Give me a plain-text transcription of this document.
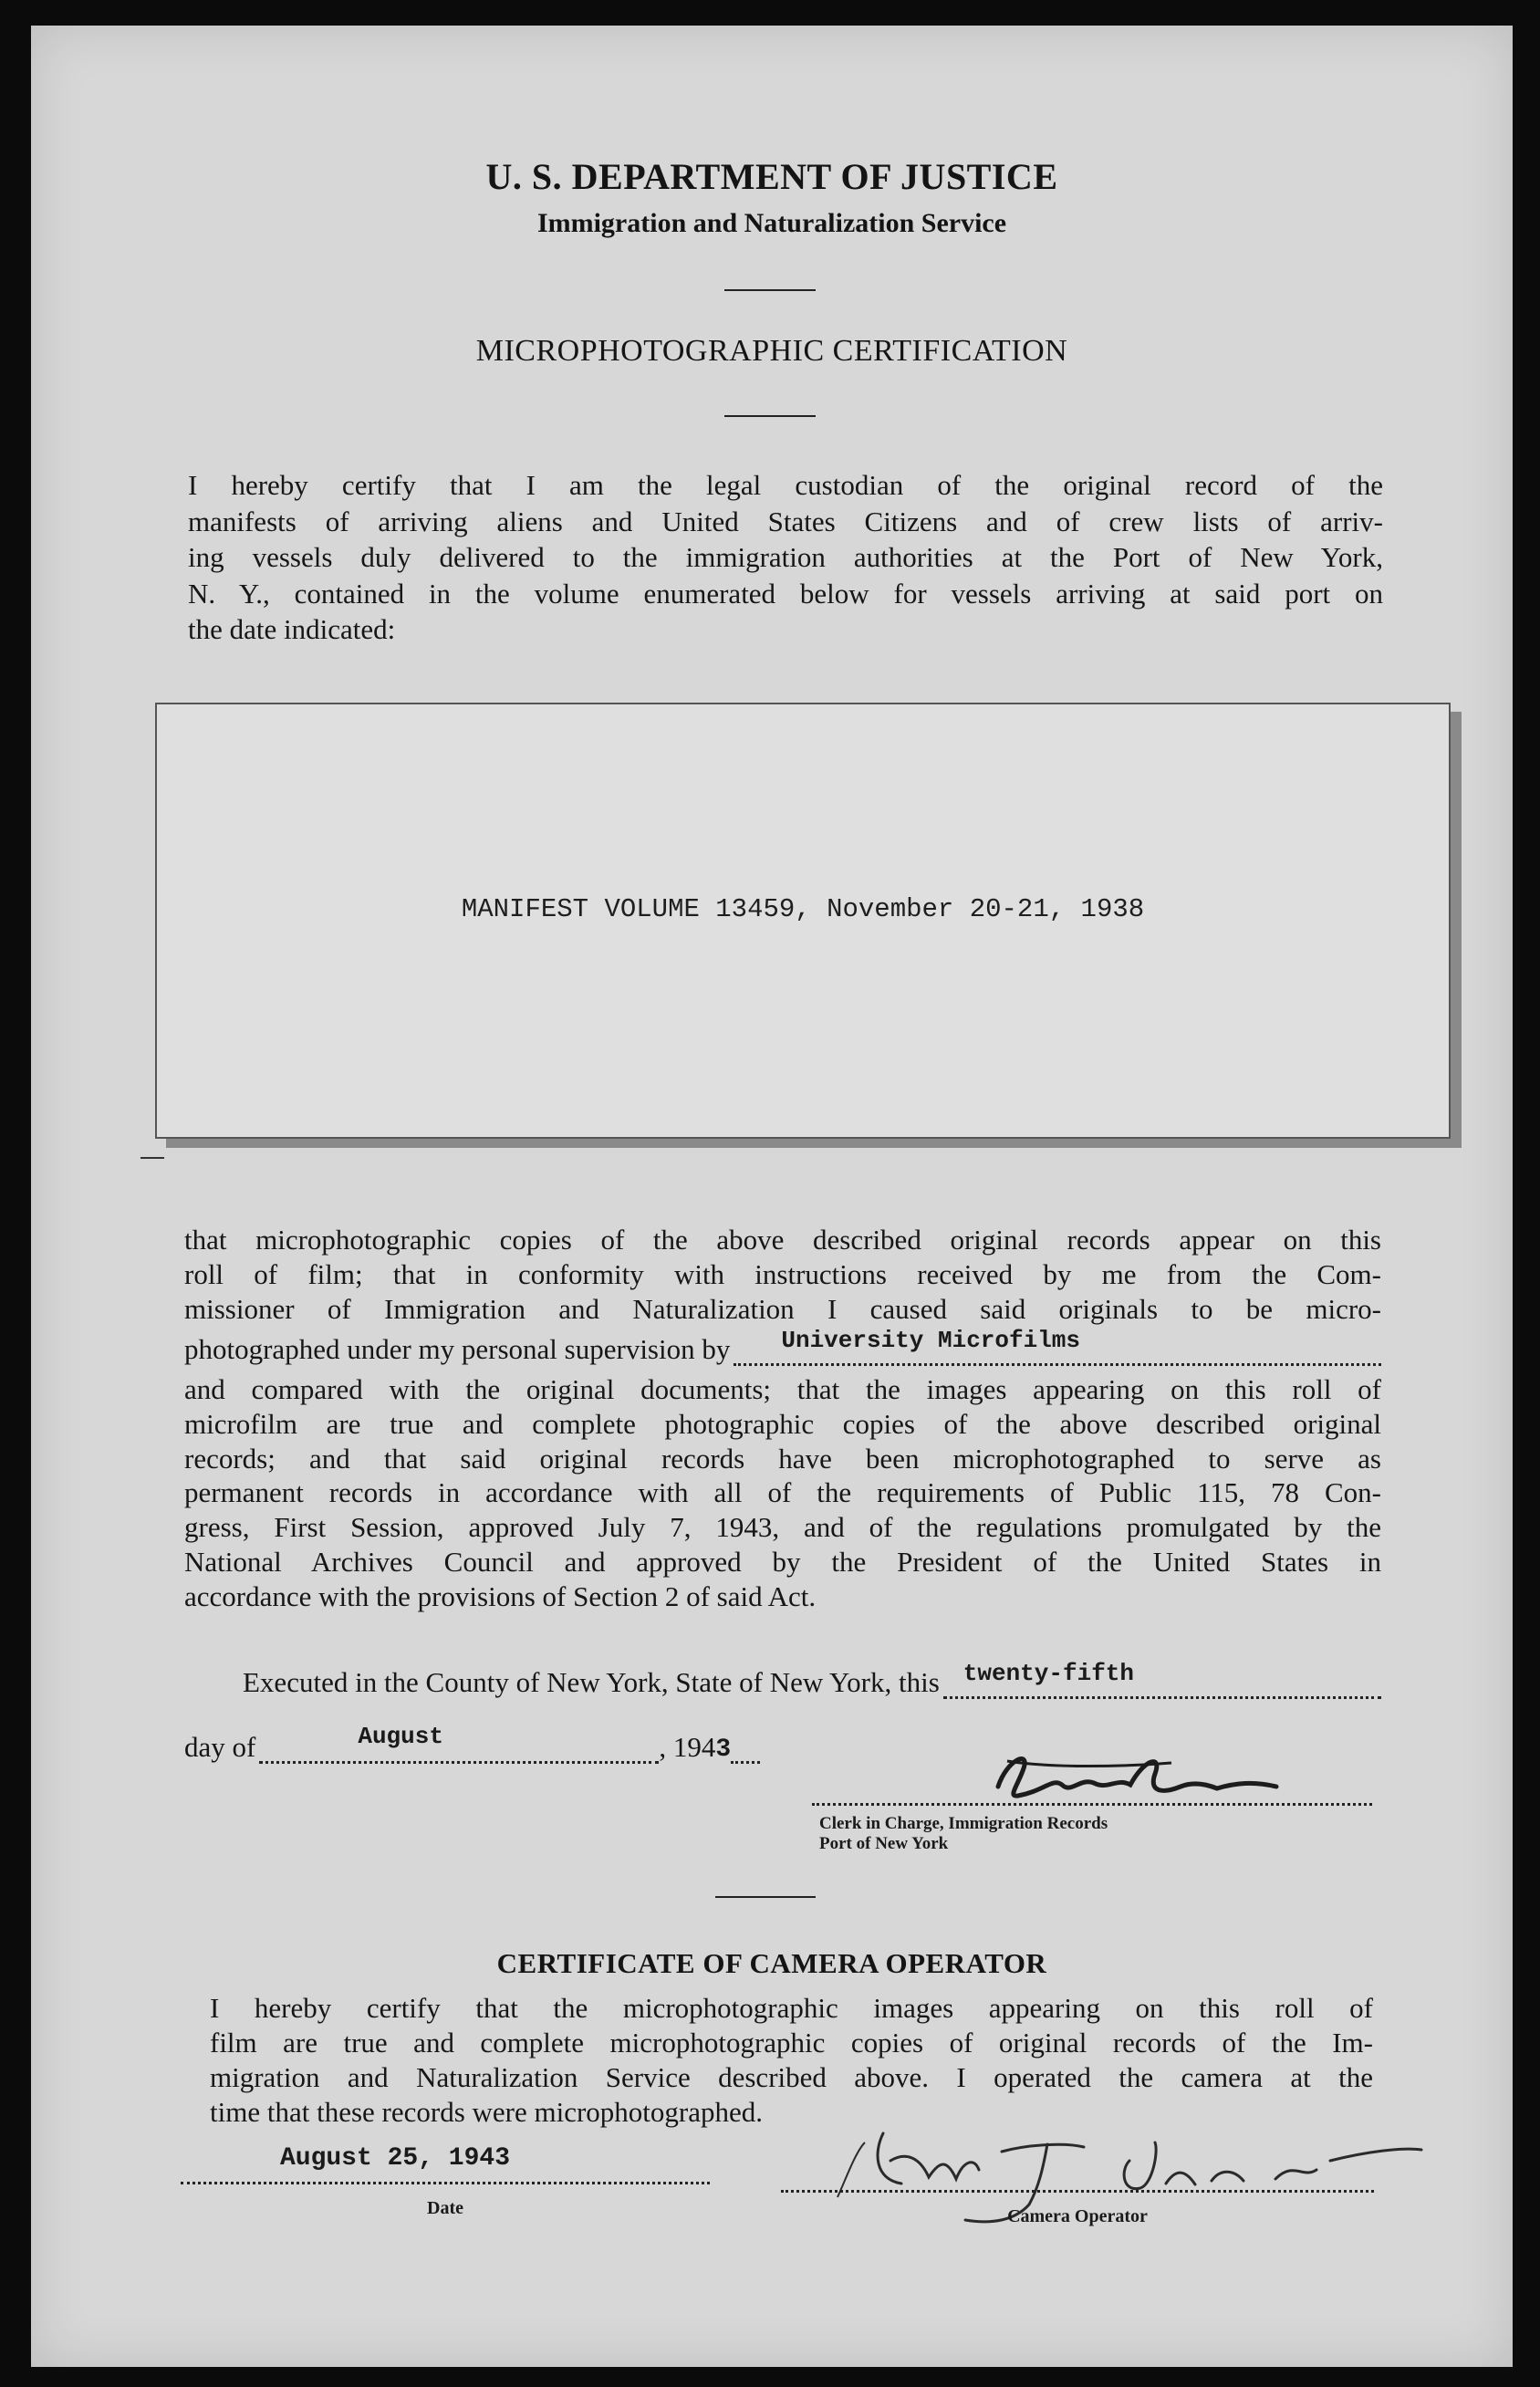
U. S. DEPARTMENT OF JUSTICE
Immigration and Naturalization Service
MICROPHOTOGRAPHIC CERTIFICATION
I hereby certify that I am the legal custodian of the original record of the
manifests of arriving aliens and United States Citizens and of crew lists of arriv-
ing vessels duly delivered to the immigration authorities at the Port of New York,
N. Y., contained in the volume enumerated below for vessels arriving at said port on
the date indicated:
MANIFEST VOLUME 13459, November 20-21, 1938
that microphotographic copies of the above described original records appear on this
roll of film; that in conformity with instructions received by me from the Com-
missioner of Immigration and Naturalization I caused said originals to be micro-
photographed under my personal supervision by University Microfilms
and compared with the original documents; that the images appearing on this roll of
microfilm are true and complete photographic copies of the above described original
records; and that said original records have been microphotographed to serve as
permanent records in accordance with all of the requirements of Public 115, 78 Con-
gress, First Session, approved July 7, 1943, and of the regulations promulgated by the
National Archives Council and approved by the President of the United States in
accordance with the provisions of Section 2 of said Act.
Executed in the County of New York, State of New York, this twenty-fifth
day of	August	, 194 3
Clerk in Charge, Immigration Records
Port of New York
CERTIFICATE OF CAMERA OPERATOR
I hereby certify that the microphotographic images appearing on this roll of
film are true and complete microphotographic copies of original records of the Im-
migration and Naturalization Service described above. I operated the camera at the
time that these records were microphotographed.
August 25, 1943
Date	Camera Operator
